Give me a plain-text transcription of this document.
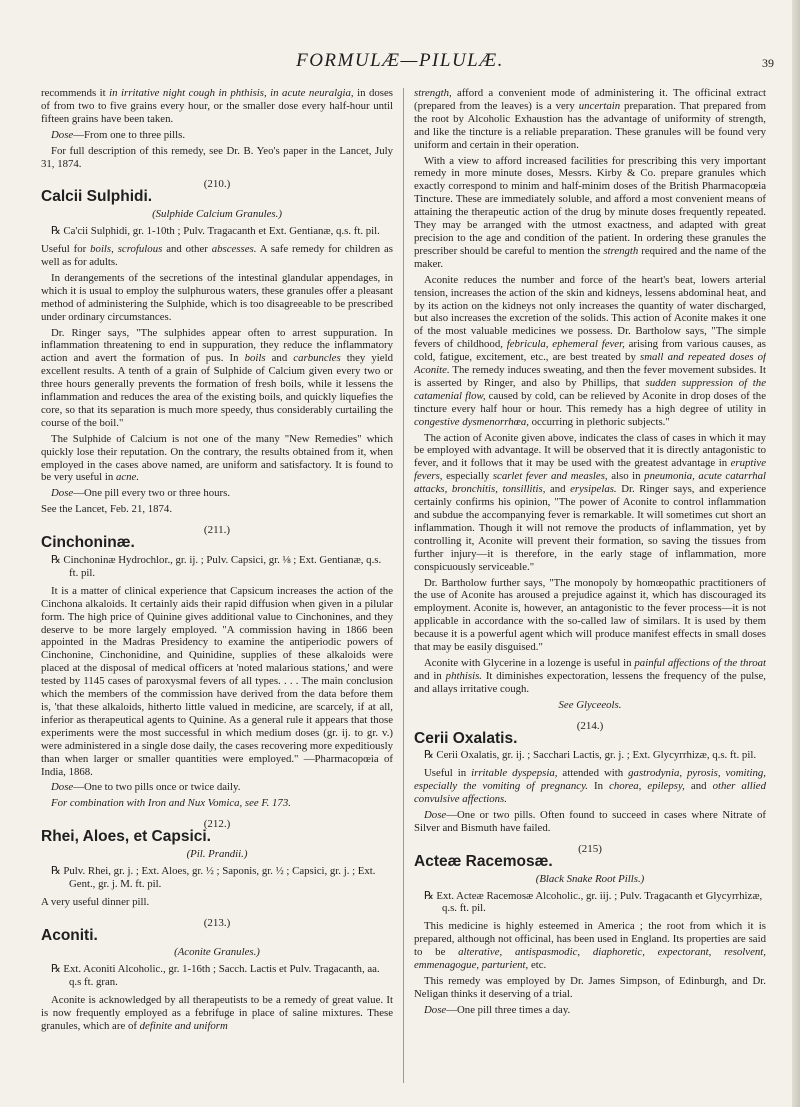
FORMULÆ—PILULÆ.	39

recommends it in irritative night cough in phthisis, in acute neuralgia, in doses of from two to five grains every hour, or the smaller dose every half-hour until fifteen grains have been taken.

Dose—From one to three pills.

For full description of this remedy, see Dr. B. Yeo's paper in the Lancet, July 31, 1874.

(210.)

Calcii Sulphidi.

(Sulphide Calcium Granules.)

℞ Ca'cii Sulphidi, gr. 1-10th ; Pulv. Tragacanth et Ext. Gentianæ, q.s. ft. pil.

Useful for boils, scrofulous and other abscesses. A safe remedy for children as well as for adults.

In derangements of the secretions of the intestinal glandular appendages, in which it is usual to employ the sulphurous waters, these granules offer a pleasant method of administering the Sulphide, which is too disagreeable to be prescribed under ordinary circumstances.

Dr. Ringer says, "The sulphides appear often to arrest suppuration. In inflammation threatening to end in suppuration, they reduce the inflammatory action and avert the formation of pus. In boils and carbuncles they yield excellent results. A tenth of a grain of Sulphide of Calcium given every two or three hours generally prevents the formation of fresh boils, while it lessens the inflammation and reduces the area of the existing boils, and quickly liquefies the core, so that its separation is much more speedy, thus considerably curtailing the course of the boil."

The Sulphide of Calcium is not one of the many "New Remedies" which quickly lose their reputation. On the contrary, the results obtained from it, when employed in the cases above named, are uniform and satisfactory. It is found to be very useful in acne.

Dose—One pill every two or three hours.

See the Lancet, Feb. 21, 1874.

(211.)

Cinchoninæ.

℞ Cinchoninæ Hydrochlor., gr. ij. ; Pulv. Capsici, gr. ⅛ ; Ext. Gentianæ, q.s. ft. pil.

It is a matter of clinical experience that Capsicum increases the action of the Cinchona alkaloids. It certainly aids their rapid diffusion when given in a pilular form. The high price of Quinine gives additional value to Cinchonines, and they deserve to be more largely employed. "A commission having in 1866 been appointed in the Madras Presidency to examine the antiperiodic powers of Cinchonine, Cinchonidine, and Quinidine, supplies of these alkaloids were placed at the disposal of medical officers at 'noted malarious stations,' and were tested by 1145 cases of paroxysmal fevers of all types. . . . The main conclusion which the members of the commission have derived from the data before them is, 'that these alkaloids, hitherto little valued in medicine, are scarcely, if at all, inferior as therapeutical agents to Quinine. As a general rule it appears that those experiments were the most successful in which medium doses (gr. ij. to gr. v.) were administered in a single dose daily, the cases recovering more expeditiously than when larger or smaller quantities were employed." —Pharmacopœia of India, 1868.

Dose—One to two pills once or twice daily.

For combination with Iron and Nux Vomica, see F. 173.

(212.)

Rhei, Aloes, et Capsici.

(Pil. Prandii.)

℞ Pulv. Rhei, gr. j. ; Ext. Aloes, gr. ½ ; Saponis, gr. ½ ; Capsici, gr. j. ; Ext. Gent., gr. j. M. ft. pil.

A very useful dinner pill.

(213.)

Aconiti.

(Aconite Granules.)

℞ Ext. Aconiti Alcoholic., gr. 1-16th ; Sacch. Lactis et Pulv. Tragacanth, aa. q.s ft. gran.

Aconite is acknowledged by all therapeutists to be a remedy of great value. It is now frequently employed as a febrifuge in place of saline mixtures. These granules, which are of definite and uniform

strength, afford a convenient mode of administering it. The officinal extract (prepared from the leaves) is a very uncertain preparation. That prepared from the root by Alcoholic Exhaustion has the advantage of uniformity of strength, and like the tincture is a reliable preparation. These granules will be found very uniform and certain in their operation.

With a view to afford increased facilities for prescribing this very important remedy in more minute doses, Messrs. Kirby & Co. prepare granules which exactly correspond to minim and half-minim doses of the British Pharmacopœia Tincture. These are immediately soluble, and afford a most convenient means of attaining the therapeutic action of the drug by minute doses frequently repeated. They may be arranged with the utmost exactness, and adapted with great precision to the age and condition of the patient. In ordering these granules the prescriber should be careful to mention the strength required and the name of the maker.

Aconite reduces the number and force of the heart's beat, lowers arterial tension, increases the action of the skin and kidneys, lessens abdominal heat, and by its action on the kidneys not only increases the quantity of water discharged, but also increases the excretion of the solids. This action of Aconite makes it one of the most valuable medicines we possess. Dr. Bartholow says, "The simple fevers of childhood, febricula, ephemeral fever, arising from various causes, as cold, fatigue, excitement, etc., are best treated by small and repeated doses of Aconite. The remedy induces sweating, and then the fever movement subsides. It is asserted by Ringer, and also by Phillips, that sudden suppression of the catamenial flow, caused by cold, can be relieved by Aconite in drop doses of the tincture every half hour or hour. This remedy has a high degree of utility in congestive dysmenorrhœa, occurring in plethoric subjects."

The action of Aconite given above, indicates the class of cases in which it may be employed with advantage. It will be observed that it is directly antagonistic to fever, and it follows that it may be used with the greatest advantage in eruptive fevers, especially scarlet fever and measles, also in pneumonia, acute catarrhal attacks, bronchitis, tonsillitis, and erysipelas. Dr. Ringer says, and experience certainly confirms his opinion, "The power of Aconite to control inflammation and subdue the accompanying fever is remarkable. It will sometimes cut short an inflammation. Though it will not remove the products of inflammation, yet by controlling it, Aconite will prevent their formation, so saving the tissues from further injury—it is therefore, in the early stage of inflammation, more conspicuously serviceable."

Dr. Bartholow further says, "The monopoly by homœopathic practitioners of the use of Aconite has aroused a prejudice against it, which has discouraged its employment. Aconite is, however, an antagonistic to the fever process—it is not applicable in accordance with the so-called law of similars. It is used by them because it is a powerful agent which will produce manifest effects in small doses that may be easily disguised."

Aconite with Glycerine in a lozenge is useful in painful affections of the throat and in phthisis. It diminishes expectoration, lessens the frequency of the pulse, and allays irritative cough.

See Glyceeols.

(214.)

Cerii Oxalatis.

℞ Cerii Oxalatis, gr. ij. ; Sacchari Lactis, gr. j. ; Ext. Glycyrrhizæ, q.s. ft. pil.

Useful in irritable dyspepsia, attended with gastrodynia, pyrosis, vomiting, especially the vomiting of pregnancy. In chorea, epilepsy, and other allied convulsive affections.

Dose—One or two pills. Often found to succeed in cases where Nitrate of Silver and Bismuth have failed.

(215)

Acteæ Racemosæ.

(Black Snake Root Pills.)

℞ Ext. Acteæ Racemosæ Alcoholic., gr. iij. ; Pulv. Tragacanth et Glycyrrhizæ, q.s. ft. pil.

This medicine is highly esteemed in America ; the root from which it is prepared, although not officinal, has been used in England. Its properties are said to be alterative, antispasmodic, diaphoretic, expectorant, resolvent, emmenagogue, parturient, etc.

This remedy was employed by Dr. James Simpson, of Edinburgh, and Dr. Neligan thinks it deserving of a trial.

Dose—One pill three times a day.
